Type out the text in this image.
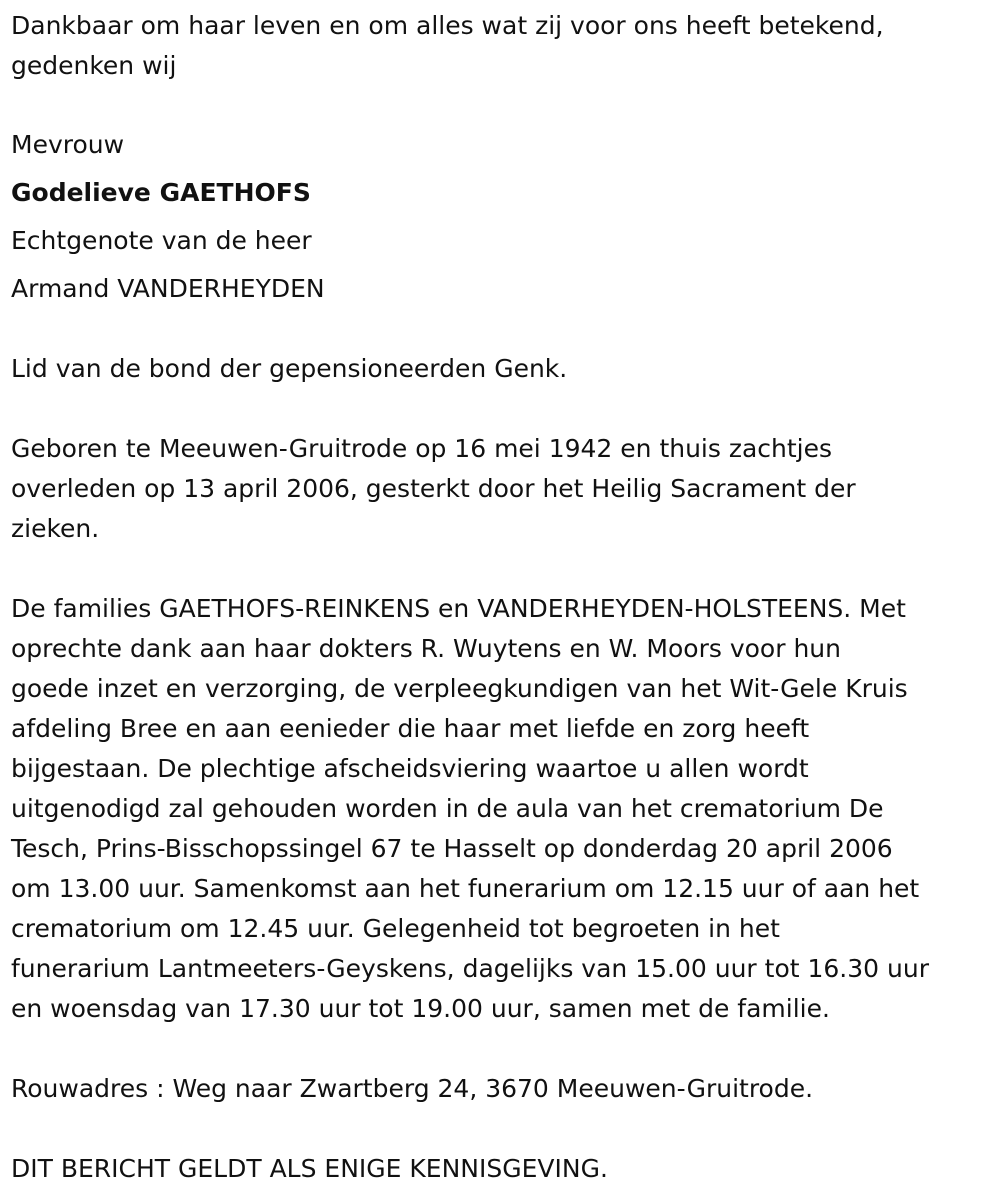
Dankbaar om haar leven en om alles wat zij voor ons heeft betekend,
gedenken wij
Mevrouw
Godelieve GAETHOFS
Echtgenote van de heer
Armand VANDERHEYDEN
Lid van de bond der gepensioneerden Genk.
Geboren te Meeuwen-Gruitrode op 16 mei 1942 en thuis zachtjes
overleden op 13 april 2006, gesterkt door het Heilig Sacrament der
zieken.
De families GAETHOFS-REINKENS en VANDERHEYDEN-HOLSTEENS. Met
oprechte dank aan haar dokters R. Wuytens en W. Moors voor hun
goede inzet en verzorging, de verpleegkundigen van het Wit-Gele Kruis
afdeling Bree en aan eenieder die haar met liefde en zorg heeft
bijgestaan. De plechtige afscheidsviering waartoe u allen wordt
uitgenodigd zal gehouden worden in de aula van het crematorium De
Tesch, Prins-Bisschopssingel 67 te Hasselt op donderdag 20 april 2006
om 13.00 uur. Samenkomst aan het funerarium om 12.15 uur of aan het
crematorium om 12.45 uur. Gelegenheid tot begroeten in het
funerarium Lantmeeters-Geyskens, dagelijks van 15.00 uur tot 16.30 uur
en woensdag van 17.30 uur tot 19.00 uur, samen met de familie.
Rouwadres : Weg naar Zwartberg 24, 3670 Meeuwen-Gruitrode.
DIT BERICHT GELDT ALS ENIGE KENNISGEVING.
